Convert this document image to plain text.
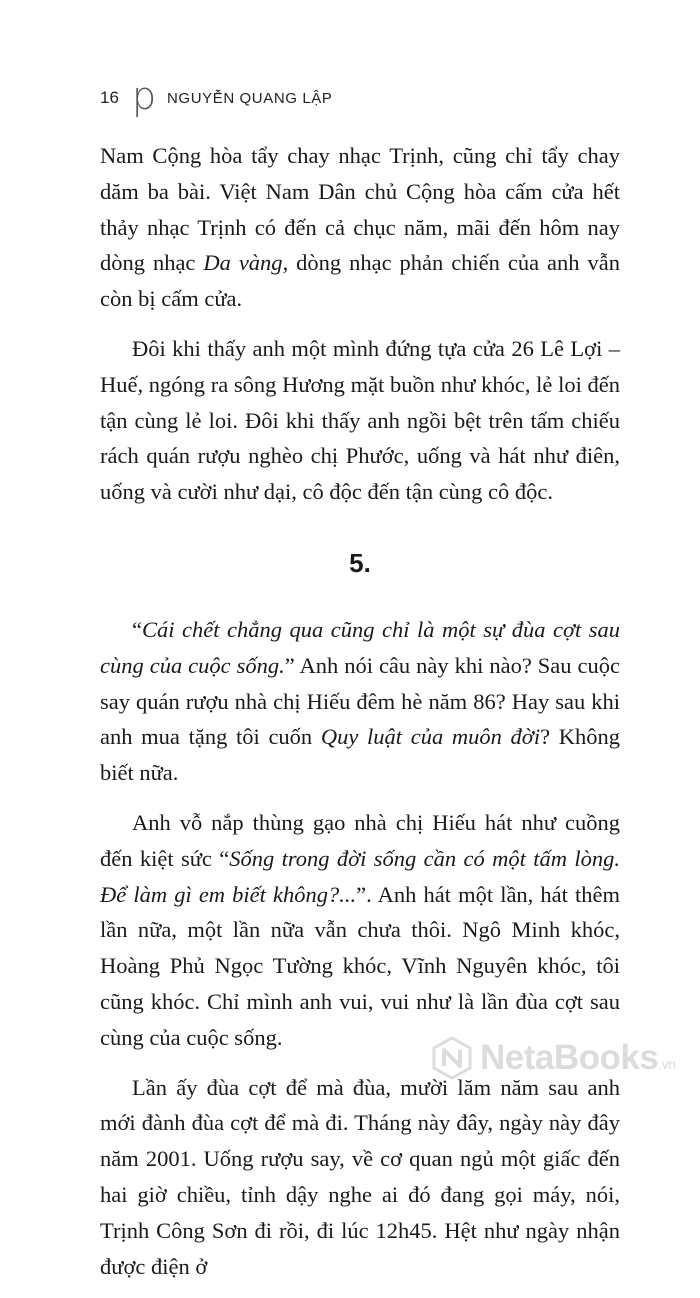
16 p NGUYỄN QUANG LẬP

Nam Cộng hòa tẩy chay nhạc Trịnh, cũng chỉ tẩy chay dăm ba bài. Việt Nam Dân chủ Cộng hòa cấm cửa hết thảy nhạc Trịnh có đến cả chục năm, mãi đến hôm nay dòng nhạc Da vàng, dòng nhạc phản chiến của anh vẫn còn bị cấm cửa.

Đôi khi thấy anh một mình đứng tựa cửa 26 Lê Lợi – Huế, ngóng ra sông Hương mặt buồn như khóc, lẻ loi đến tận cùng lẻ loi. Đôi khi thấy anh ngồi bệt trên tấm chiếu rách quán rượu nghèo chị Phước, uống và hát như điên, uống và cười như dại, cô độc đến tận cùng cô độc.

5.

“Cái chết chẳng qua cũng chỉ là một sự đùa cợt sau cùng của cuộc sống.” Anh nói câu này khi nào? Sau cuộc say quán rượu nhà chị Hiếu đêm hè năm 86? Hay sau khi anh mua tặng tôi cuốn Quy luật của muôn đời? Không biết nữa.

Anh vỗ nắp thùng gạo nhà chị Hiếu hát như cuồng đến kiệt sức “Sống trong đời sống cần có một tấm lòng. Để làm gì em biết không?...”. Anh hát một lần, hát thêm lần nữa, một lần nữa vẫn chưa thôi. Ngô Minh khóc, Hoàng Phủ Ngọc Tường khóc, Vĩnh Nguyên khóc, tôi cũng khóc. Chỉ mình anh vui, vui như là lần đùa cợt sau cùng của cuộc sống.

Lần ấy đùa cợt để mà đùa, mười lăm năm sau anh mới đành đùa cợt để mà đi. Tháng này đây, ngày này đây năm 2001. Uống rượu say, về cơ quan ngủ một giấc đến hai giờ chiều, tỉnh dậy nghe ai đó đang gọi máy, nói, Trịnh Công Sơn đi rồi, đi lúc 12h45. Hệt như ngày nhận được điện ở

NetaBooks.vn
